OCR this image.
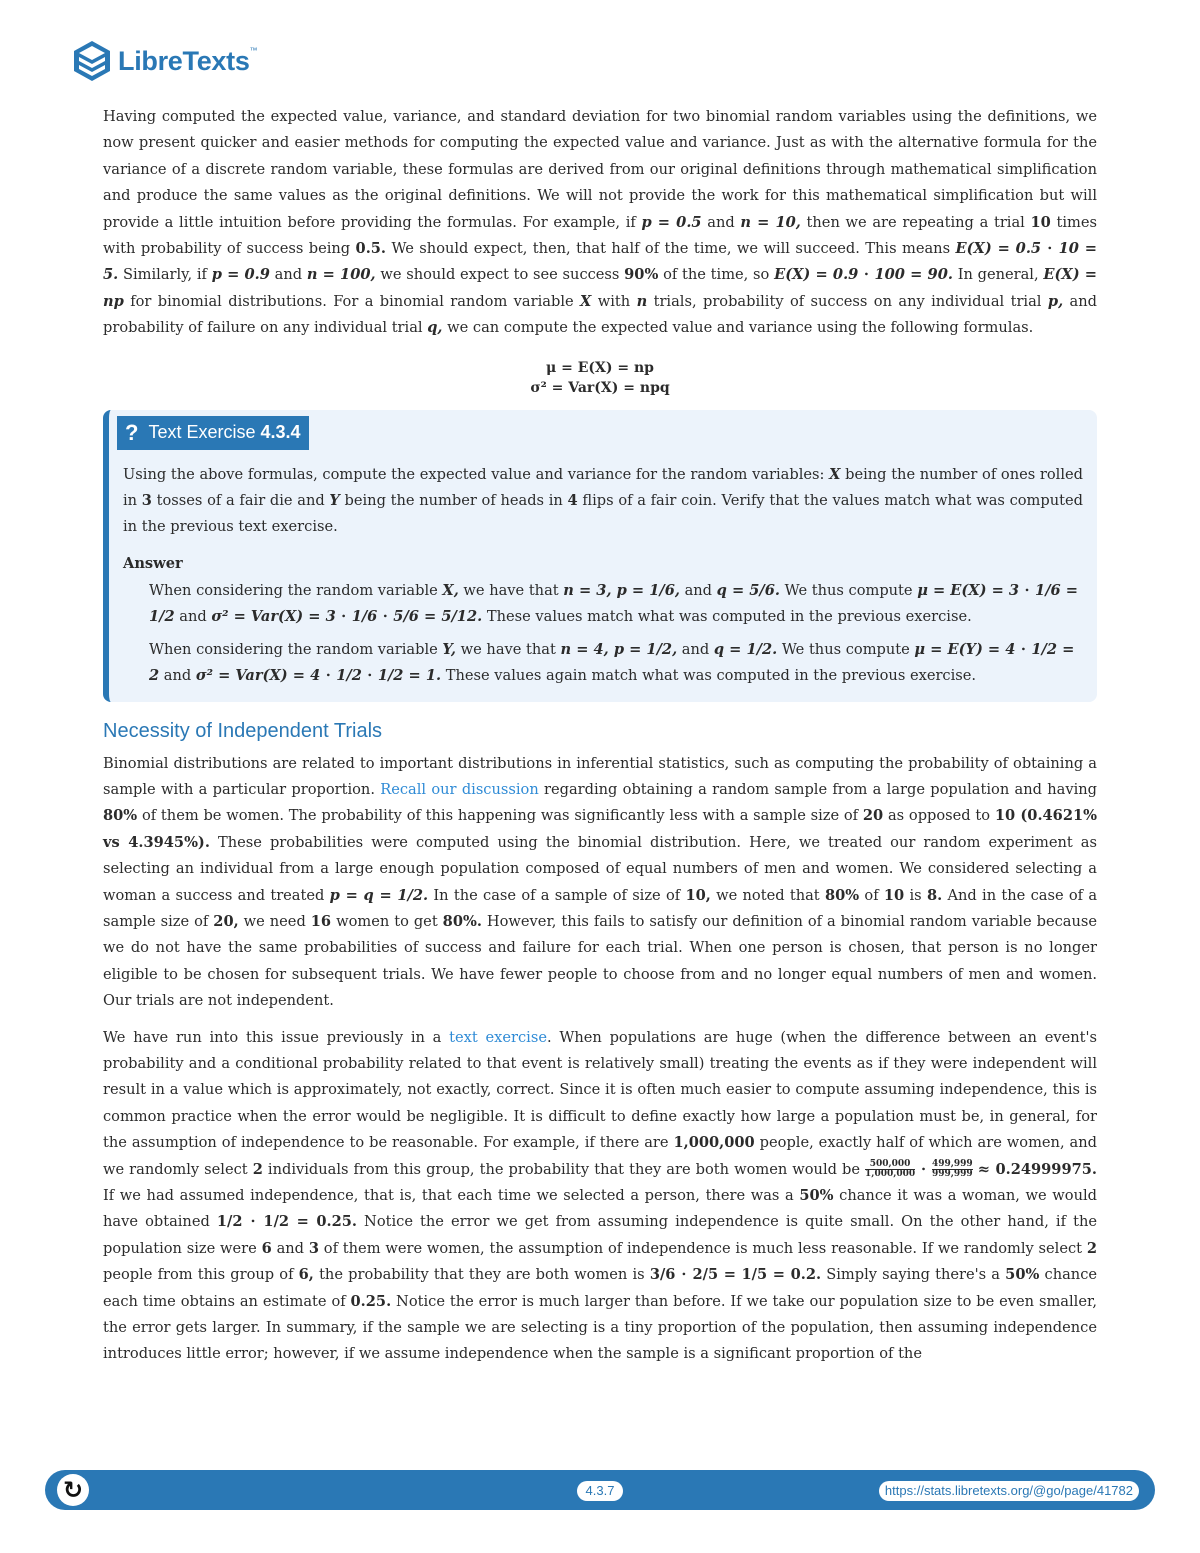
LibreTexts™

Having computed the expected value, variance, and standard deviation for two binomial random variables using the definitions, we now present quicker and easier methods for computing the expected value and variance. Just as with the alternative formula for the variance of a discrete random variable, these formulas are derived from our original definitions through mathematical simplification and produce the same values as the original definitions. We will not provide the work for this mathematical simplification but will provide a little intuition before providing the formulas. For example, if p = 0.5 and n = 10, then we are repeating a trial 10 times with probability of success being 0.5. We should expect, then, that half of the time, we will succeed. This means E(X) = 0.5 ⋅ 10 = 5. Similarly, if p = 0.9 and n = 100, we should expect to see success 90% of the time, so E(X) = 0.9 ⋅ 100 = 90. In general, E(X) = np for binomial distributions. For a binomial random variable X with n trials, probability of success on any individual trial p, and probability of failure on any individual trial q, we can compute the expected value and variance using the following formulas.

μ = E(X) = np
σ² = Var(X) = npq
? Text Exercise 4.3.4
Using the above formulas, compute the expected value and variance for the random variables: X being the number of ones rolled in 3 tosses of a fair die and Y being the number of heads in 4 flips of a fair coin. Verify that the values match what was computed in the previous text exercise.
Answer

When considering the random variable X, we have that n = 3, p = 1/6, and q = 5/6. We thus compute μ = E(X) = 3 ⋅ 1/6 = 1/2 and σ² = Var(X) = 3 ⋅ 1/6 ⋅ 5/6 = 5/12. These values match what was computed in the previous exercise.

When considering the random variable Y, we have that n = 4, p = 1/2, and q = 1/2. We thus compute μ = E(Y) = 4 ⋅ 1/2 = 2 and σ² = Var(X) = 4 ⋅ 1/2 ⋅ 1/2 = 1. These values again match what was computed in the previous exercise.

Necessity of Independent Trials

Binomial distributions are related to important distributions in inferential statistics, such as computing the probability of obtaining a sample with a particular proportion. Recall our discussion regarding obtaining a random sample from a large population and having 80% of them be women. The probability of this happening was significantly less with a sample size of 20 as opposed to 10 (0.4621% vs 4.3945%). These probabilities were computed using the binomial distribution. Here, we treated our random experiment as selecting an individual from a large enough population composed of equal numbers of men and women. We considered selecting a woman a success and treated p = q = 1/2. In the case of a sample of size of 10, we noted that 80% of 10 is 8. And in the case of a sample size of 20, we need 16 women to get 80%. However, this fails to satisfy our definition of a binomial random variable because we do not have the same probabilities of success and failure for each trial. When one person is chosen, that person is no longer eligible to be chosen for subsequent trials. We have fewer people to choose from and no longer equal numbers of men and women. Our trials are not independent.

We have run into this issue previously in a text exercise. When populations are huge (when the difference between an event's probability and a conditional probability related to that event is relatively small) treating the events as if they were independent will result in a value which is approximately, not exactly, correct. Since it is often much easier to compute assuming independence, this is common practice when the error would be negligible. It is difficult to define exactly how large a population must be, in general, for the assumption of independence to be reasonable. For example, if there are 1,000,000 people, exactly half of which are women, and we randomly select 2 individuals from this group, the probability that they are both women would be $\frac{500,000}{1,000,000} \cdot \frac{499,999}{999,999} \approx 0.24999975$. If we had assumed independence, that is, that each time we selected a person, there was a 50% chance it was a woman, we would have obtained 1/2 ⋅ 1/2 = 0.25. Notice the error we get from assuming independence is quite small. On the other hand, if the population size were 6 and 3 of them were women, the assumption of independence is much less reasonable. If we randomly select 2 people from this group of 6, the probability that they are both women is 3/6 ⋅ 2/5 = 1/5 = 0.2. Simply saying there's a 50% chance each time obtains an estimate of 0.25. Notice the error is much larger than before. If we take our population size to be even smaller, the error gets larger. In summary, if the sample we are selecting is a tiny proportion of the population, then assuming independence introduces little error; however, if we assume independence when the sample is a significant proportion of the

↻	4.3.7	https://stats.libretexts.org/@go/page/41782
